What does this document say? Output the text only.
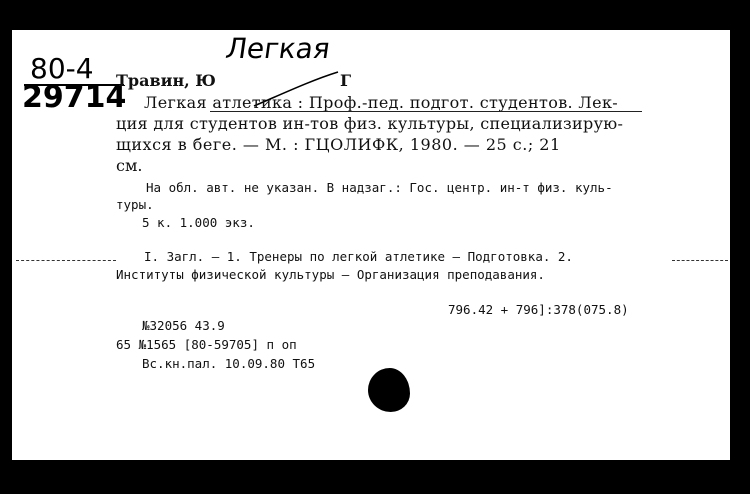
Легкая
80-4
29714
Травин, Ю	Г
Легкая атлетика : Проф.-пед. подгот. студентов. Лек-
ция для студентов ин-тов физ. культуры, специализирую-
щихся в беге. — М. : ГЦОЛИФК, 1980. — 25 с.; 21
см.
На обл. авт. не указан. В надзаг.: Гос. центр. ин-т физ. куль-
туры.
5 к. 1.000 экз.
I. Загл. — 1. Тренеры по легкой атлетике — Подготовка. 2.
Институты физической культуры — Организация преподавания.
796.42 + 796]:378(075.8)
№32056 43.9
65 №1565 [80-59705] п оп
Вс.кн.пал. 10.09.80 Т65
